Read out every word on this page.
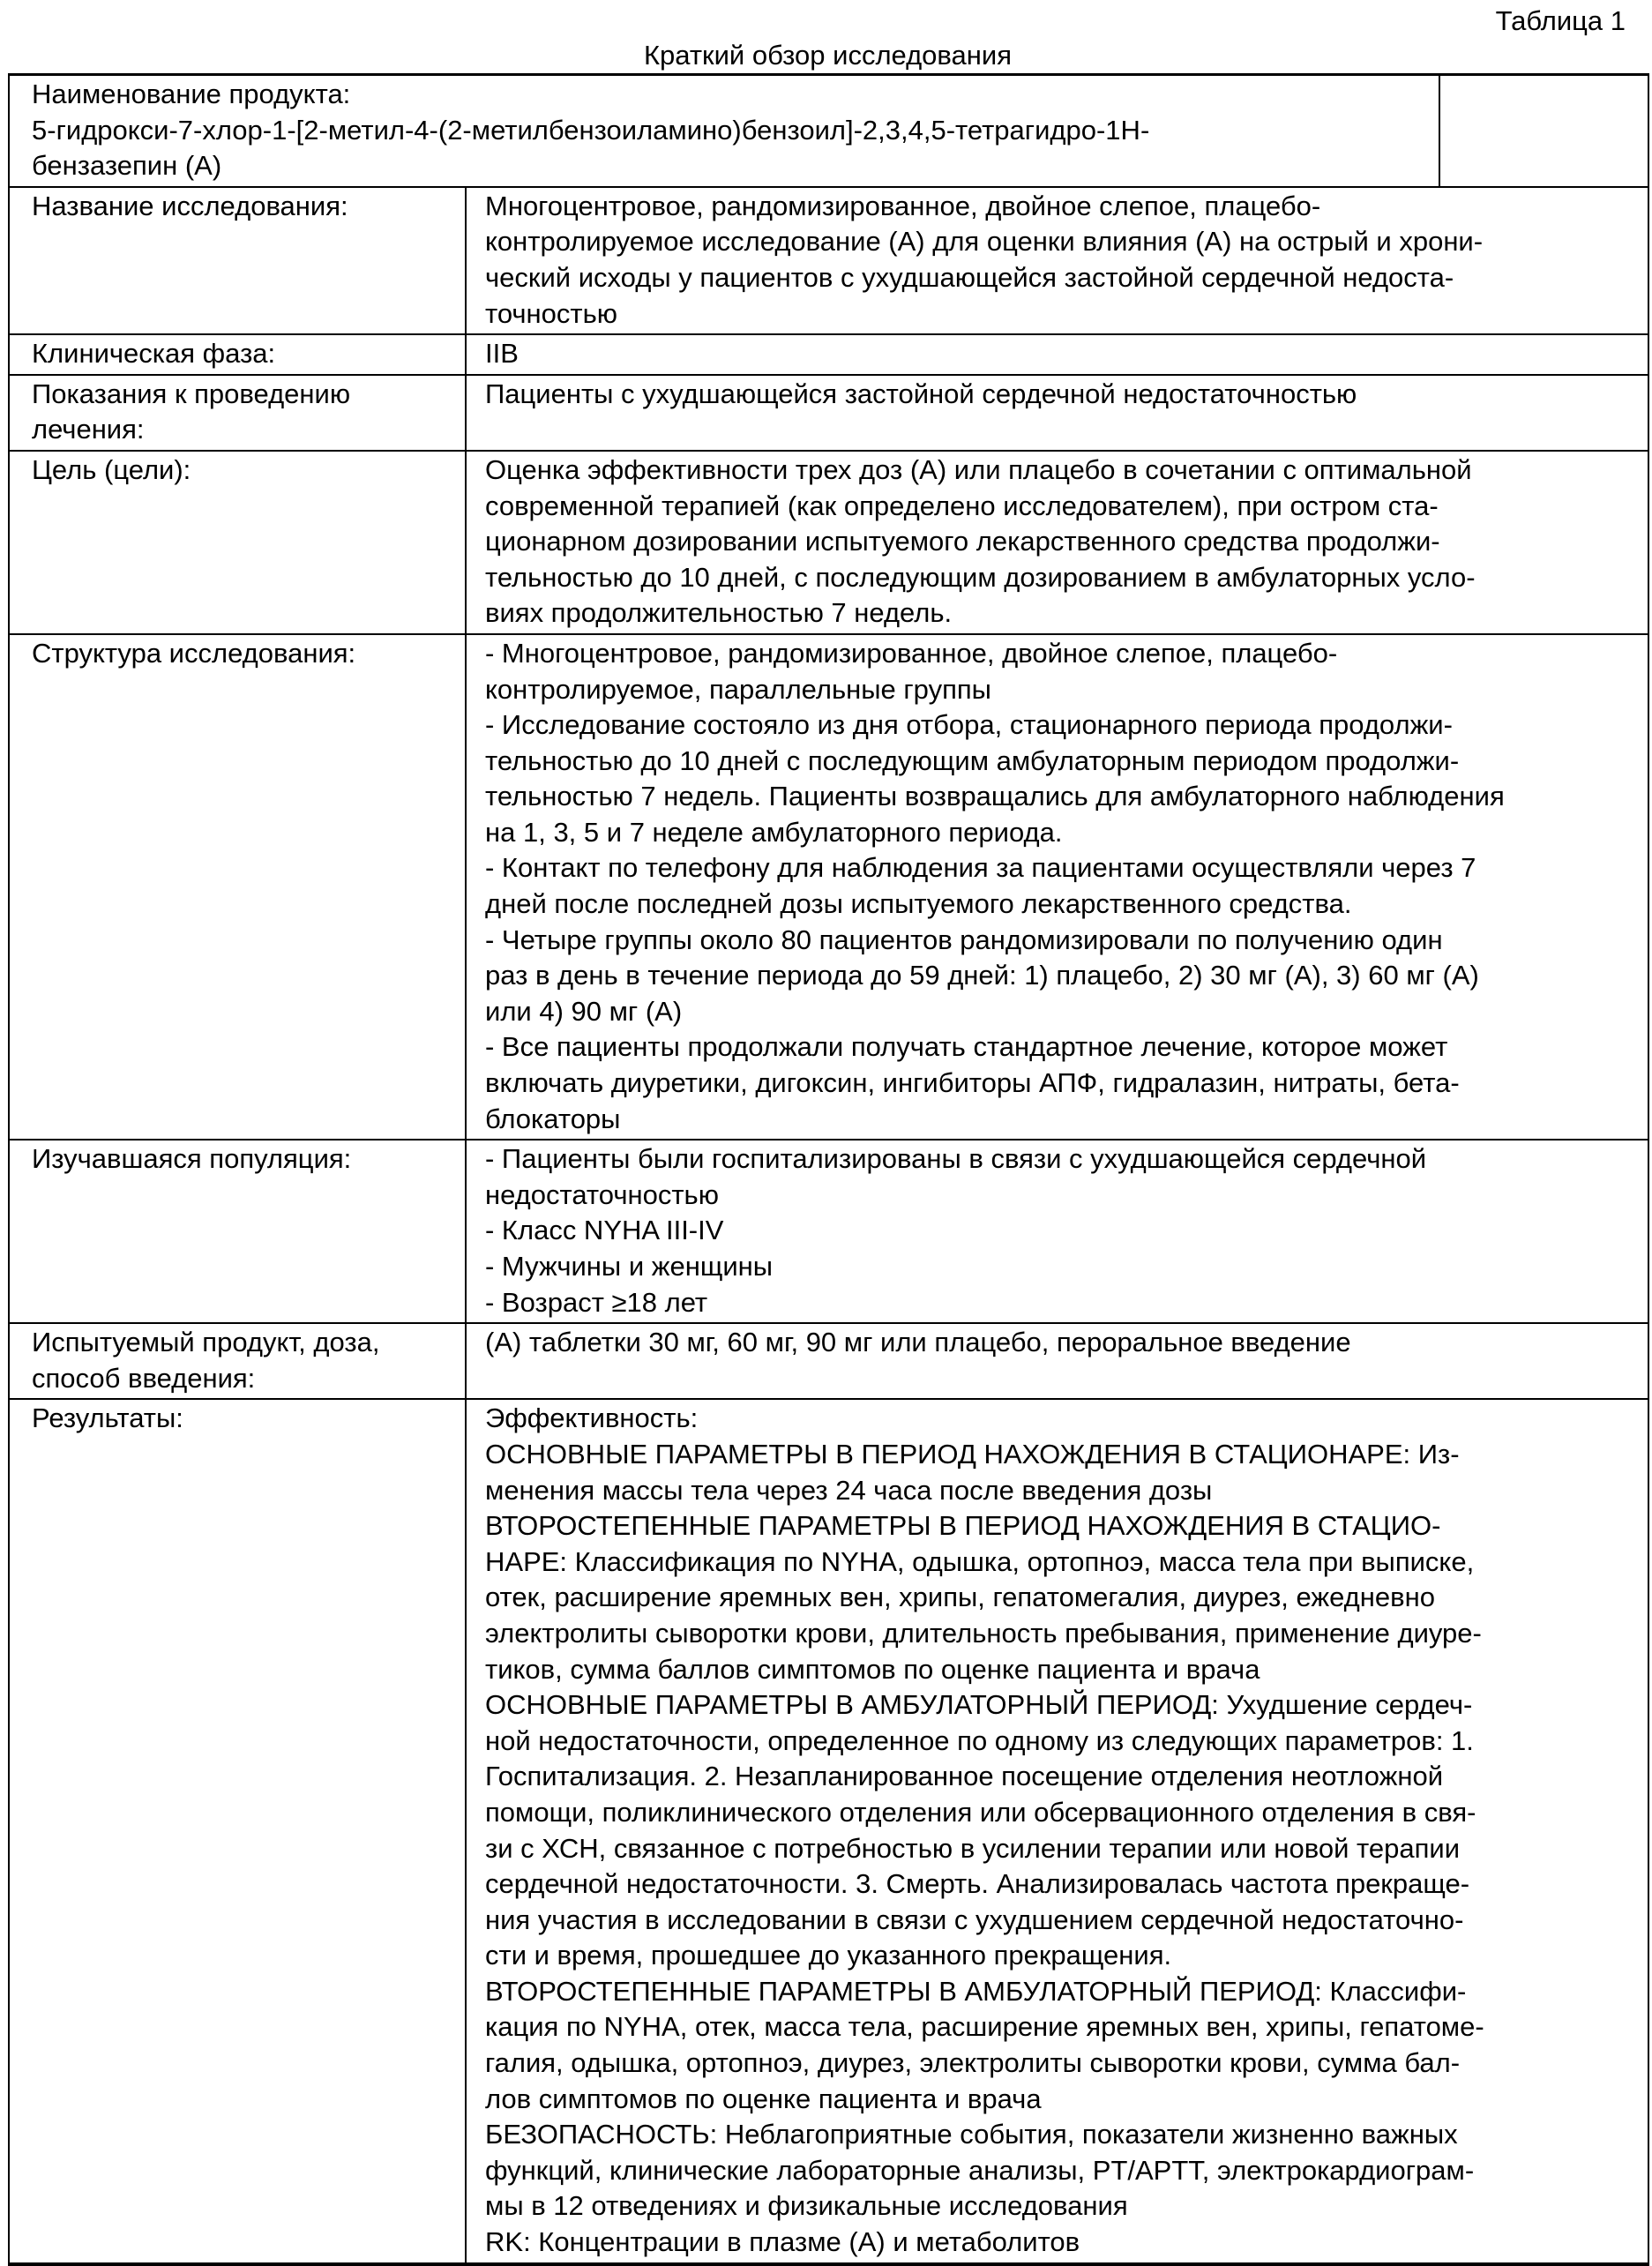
Таблица 1
Краткий обзор исследования
Наименование продукта:
5-гидрокси-7-хлор-1-[2-метил-4-(2-метилбензоиламино)бензоил]-2,3,4,5-тетрагидро-1Н-
бензазепин (А)		

Название исследования:	Многоцентровое, рандомизированное, двойное слепое, плацебо-
контролируемое исследование (А) для оценки влияния (А) на острый и хрони-
ческий исходы у пациентов с ухудшающейся застойной сердечной недоста-
точностью	

Клиническая фаза:	IIB	

Показания к проведению
лечения:	Пациенты с ухудшающейся застойной сердечной недостаточностью	

Цель (цели):	Оценка эффективности трех доз (А) или плацебо в сочетании с оптимальной
современной терапией (как определено исследователем), при остром ста-
ционарном дозировании испытуемого лекарственного средства продолжи-
тельностью до 10 дней, с последующим дозированием в амбулаторных усло-
виях продолжительностью 7 недель.	

Структура исследования:	- Многоцентровое, рандомизированное, двойное слепое, плацебо-
контролируемое, параллельные группы
- Исследование состояло из дня отбора, стационарного периода продолжи-
тельностью до 10 дней с последующим амбулаторным периодом продолжи-
тельностью 7 недель. Пациенты возвращались для амбулаторного наблюдения
на 1, 3, 5 и 7 неделе амбулаторного периода.
- Контакт по телефону для наблюдения за пациентами осуществляли через 7
дней после последней дозы испытуемого лекарственного средства.
- Четыре группы около 80 пациентов рандомизировали по получению один
раз в день в течение периода до 59 дней: 1) плацебо, 2) 30 мг (А), 3) 60 мг (А)
или 4) 90 мг (А)
- Все пациенты продолжали получать стандартное лечение, которое может
включать диуретики, дигоксин, ингибиторы АПФ, гидралазин, нитраты, бета-
блокаторы

Изучавшаяся популяция:	- Пациенты были госпитализированы в связи с ухудшающейся сердечной
недостаточностью
- Класс NYHA III-IV
- Мужчины и женщины
- Возраст ≥18 лет	

Испытуемый продукт, доза,
способ введения:	(А) таблетки 30 мг, 60 мг, 90 мг или плацебо, пероральное введение	

Результаты:	Эффективность:
ОСНОВНЫЕ ПАРАМЕТРЫ В ПЕРИОД НАХОЖДЕНИЯ В СТАЦИОНАРЕ: Из-
менения массы тела через 24 часа после введения дозы
ВТОРОСТЕПЕННЫЕ ПАРАМЕТРЫ В ПЕРИОД НАХОЖДЕНИЯ В СТАЦИО-
НАРЕ: Классификация по NYHA, одышка, ортопноэ, масса тела при выписке,
отек, расширение яремных вен, хрипы, гепатомегалия, диурез, ежедневно
электролиты сыворотки крови, длительность пребывания, применение диуре-
тиков, сумма баллов симптомов по оценке пациента и врача
ОСНОВНЫЕ ПАРАМЕТРЫ В АМБУЛАТОРНЫЙ ПЕРИОД: Ухудшение сердеч-
ной недостаточности, определенное по одному из следующих параметров: 1.
Госпитализация. 2. Незапланированное посещение отделения неотложной
помощи, поликлинического отделения или обсервационного отделения в свя-
зи с ХСН, связанное с потребностью в усилении терапии или новой терапии
сердечной недостаточности. 3. Смерть. Анализировалась частота прекраще-
ния участия в исследовании в связи с ухудшением сердечной недостаточно-
сти и время, прошедшее до указанного прекращения.
ВТОРОСТЕПЕННЫЕ ПАРАМЕТРЫ В АМБУЛАТОРНЫЙ ПЕРИОД: Классифи-
кация по NYHA, отек, масса тела, расширение яремных вен, хрипы, гепатоме-
галия, одышка, ортопноэ, диурез, электролиты сыворотки крови, сумма бал-
лов симптомов по оценке пациента и врача
БЕЗОПАСНОСТЬ: Неблагоприятные события, показатели жизненно важных
функций, клинические лабораторные анализы, PT/APTT, электрокардиограм-
мы в 12 отведениях и физикальные исследования
RK: Концентрации в плазме (А) и метаболитов
